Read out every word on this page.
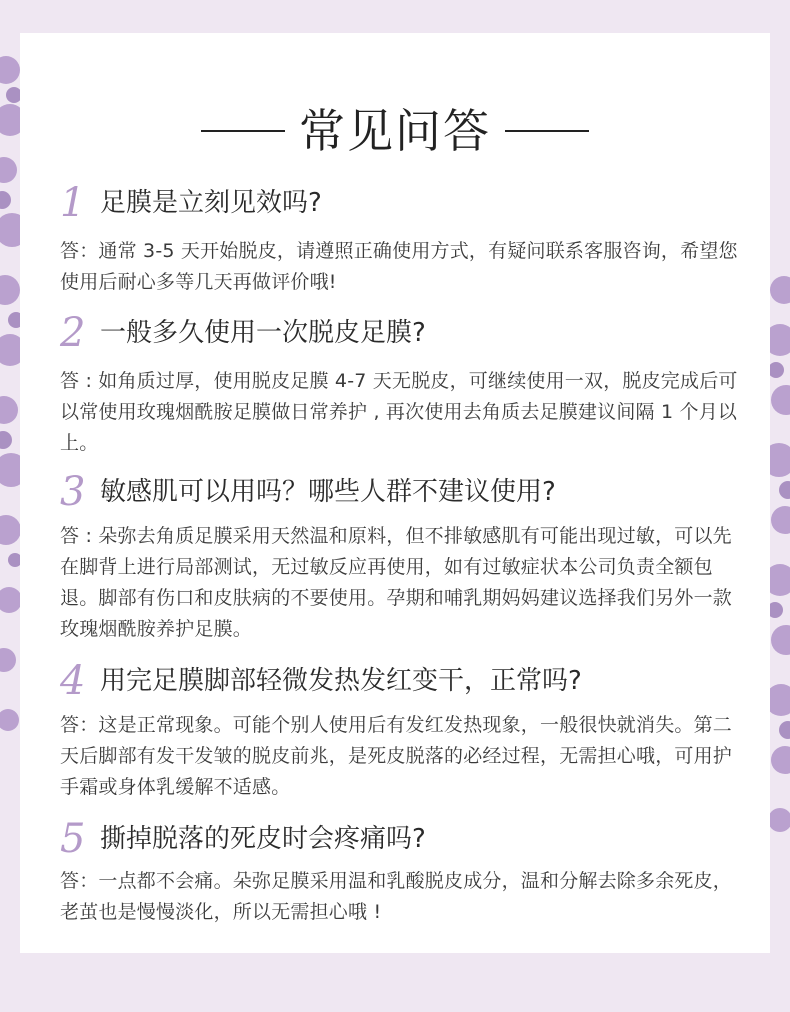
常见问答
1 足膜是立刻见效吗?
答：通常 3-5 天开始脱皮，请遵照正确使用方式，有疑问联系客服咨询，希望您使用后耐心多等几天再做评价哦!
2 一般多久使用一次脱皮足膜?
答 : 如角质过厚，使用脱皮足膜 4-7 天无脱皮，可继续使用一双，脱皮完成后可以常使用玫瑰烟酰胺足膜做日常养护 , 再次使用去角质去足膜建议间隔 1 个月以上。
3 敏感肌可以用吗？哪些人群不建议使用?
答 : 朵弥去角质足膜采用天然温和原料，但不排敏感肌有可能出现过敏，可以先在脚背上进行局部测试，无过敏反应再使用，如有过敏症状本公司负责全额包退。脚部有伤口和皮肤病的不要使用。孕期和哺乳期妈妈建议选择我们另外一款玫瑰烟酰胺养护足膜。
4 用完足膜脚部轻微发热发红变干，正常吗?
答：这是正常现象。可能个别人使用后有发红发热现象，一般很快就消失。第二天后脚部有发干发皱的脱皮前兆，是死皮脱落的必经过程，无需担心哦，可用护手霜或身体乳缓解不适感。
5 撕掉脱落的死皮时会疼痛吗?
答：一点都不会痛。朵弥足膜采用温和乳酸脱皮成分，温和分解去除多余死皮，老茧也是慢慢淡化，所以无需担心哦 !
